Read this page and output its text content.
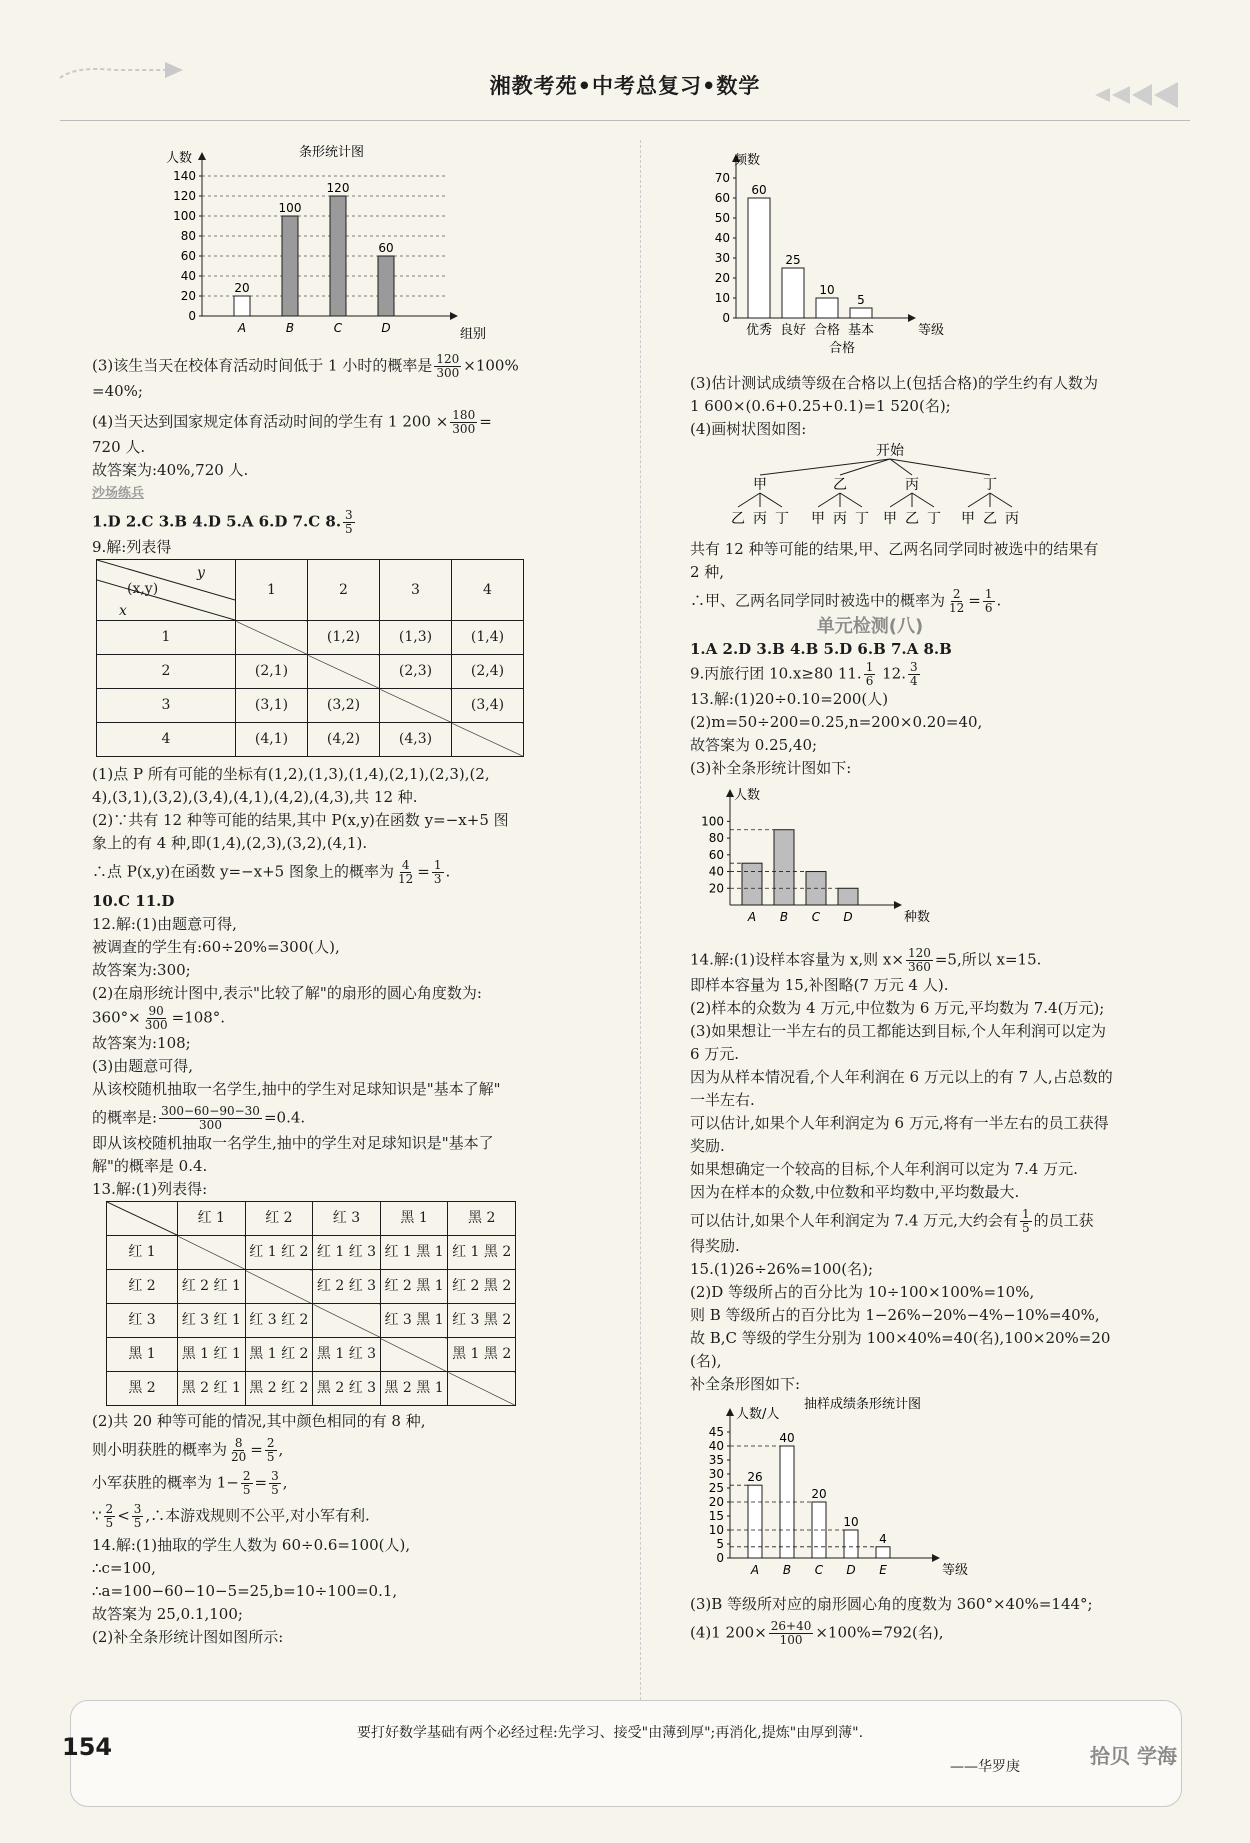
湘教考苑•中考总复习•数学
条形统计图
人数
组别
0
20
40
60
80
100
120
140
20
A
100
B
120
C
60
D

(3)该生当天在校体育活动时间低于 1 小时的概率是 $\frac{120}{300} \times 100\%$

=40%;

(4)当天达到国家规定体育活动时间的学生有 1 $200 \times \frac{180}{300}$ =

720 人.

故答案为:40%,720 人.

沙场练兵

1.D 2.C 3.B 4.D 5.A 6.D 7.C 8. $\frac{3}{5}$

9.解:列表得

y
(x,y)
x	1	2	3	4
1		(1,2)	(1,3)	(1,4)
2	(2,1)		(2,3)	(2,4)
3	(3,1)	(3,2)		(3,4)
4	(4,1)	(4,2)	(4,3)	

(1)点 P 所有可能的坐标有(1,2),(1,3),(1,4),(2,1),(2,3),(2,

4),(3,1),(3,2),(3,4),(4,1),(4,2),(4,3),共 12 种.

(2)∵共有 12 种等可能的结果,其中 P(x,y)在函数 y=−x+5 图

象上的有 4 种,即(1,4),(2,3),(3,2),(4,1).

∴点 P(x,y)在函数 y=−x+5 图象上的概率为 $\frac{4}{12} = \frac{1}{3}$ .

10.C 11.D

12.解:(1)由题意可得,

被调查的学生有:60÷20%=300(人),

故答案为:300;

(2)在扇形统计图中,表示"比较了解"的扇形的圆心角度数为:

$360^\circ\times \frac{90}{300} =108^\circ$.

故答案为:108;

(3)由题意可得,

从该校随机抽取一名学生,抽中的学生对足球知识是"基本了解"

的概率是: $\frac{300-60-90-30}{300} =0.4$.

即从该校随机抽取一名学生,抽中的学生对足球知识是"基本了

解"的概率是 0.4.

13.解:(1)列表得:

	红 1	红 2	红 3	黑 1	黑 2
红 1		红 1 红 2	红 1 红 3	红 1 黑 1	红 1 黑 2
红 2	红 2 红 1		红 2 红 3	红 2 黑 1	红 2 黑 2
红 3	红 3 红 1	红 3 红 2		红 3 黑 1	红 3 黑 2
黑 1	黑 1 红 1	黑 1 红 2	黑 1 红 3		黑 1 黑 2
黑 2	黑 2 红 1	黑 2 红 2	黑 2 红 3	黑 2 黑 1	

(2)共 20 种等可能的情况,其中颜色相同的有 8 种,

则小明获胜的概率为 $\frac{8}{20} = \frac{2}{5}$ ,

小军获胜的概率为 $1- \frac{2}{5} = \frac{3}{5}$ ,

∵ $\frac{2}{5} < \frac{3}{5}$ ,∴本游戏规则不公平,对小军有利.

14.解:(1)抽取的学生人数为 60÷0.6=100(人),

∴c=100,

∴a=100−60−10−5=25,b=10÷100=0.1,

故答案为 25,0.1,100;

(2)补全条形统计图如图所示:

频数
等级
0
10
20
30
40
50
60
70
60
优秀
25
良好
10
合格
5
基本
合格

(3)估计测试成绩等级在合格以上(包括合格)的学生约有人数为

1 600×(0.6+0.25+0.1)=1 520(名);

(4)画树状图如图:

开始
甲
乙 丙 丁
乙
甲 丙 丁
丙
甲 乙 丁
丁
甲 乙 丙

共有 12 种等可能的结果,甲、乙两名同学同时被选中的结果有

2 种,

∴甲、乙两名同学同时被选中的概率为 $\frac{2}{12} = \frac{1}{6}$ .

单元检测(八)

1.A 2.D 3.B 4.B 5.D 6.B 7.A 8.B

9.丙旅行团 10.x≥80 11. $\frac{1}{6} 12$. $\frac{3}{4}$

13.解:(1)20÷0.10=200(人)

(2)m=50÷200=0.25,n=200×0.20=40,

故答案为 0.25,40;

(3)补全条形统计图如下:

人数
种数
20
40
60
80
100
A B C D

14.解:(1)设样本容量为 x,则 $x\times \frac{120}{360} =5$,所以 x=15.

即样本容量为 15,补图略(7 万元 4 人).

(2)样本的众数为 4 万元,中位数为 6 万元,平均数为 7.4(万元);

(3)如果想让一半左右的员工都能达到目标,个人年利润可以定为

6 万元.

因为从样本情况看,个人年利润在 6 万元以上的有 7 人,占总数的

一半左右.

可以估计,如果个人年利润定为 6 万元,将有一半左右的员工获得

奖励.

如果想确定一个较高的目标,个人年利润可以定为 7.4 万元.

因为在样本的众数,中位数和平均数中,平均数最大.

可以估计,如果个人年利润定为 7.4 万元,大约会有 $\frac{1}{5}$ 的员工获

得奖励.

15.(1)26÷26%=100(名);

(2)D 等级所占的百分比为 10÷100×100%=10%,

则 B 等级所占的百分比为 1−26%−20%−4%−10%=40%,

故 B,C 等级的学生分别为 100×40%=40(名),100×20%=20

(名),

补全条形图如下:

抽样成绩条形统计图
人数/人
等级
0
5
10
15
20
25
30
35
40
45
26
A
40
B
20
C
10
D
4
E

(3)B 等级所对应的扇形圆心角的度数为 360°×40%=144°;

(4)1 $200\times \frac{26+40}{100} \times 100\%=792$(名),

154	要打好数学基础有两个必经过程:先学习、接受"由薄到厚";再消化,提炼"由厚到薄".
——华罗庚	拾贝 学海
